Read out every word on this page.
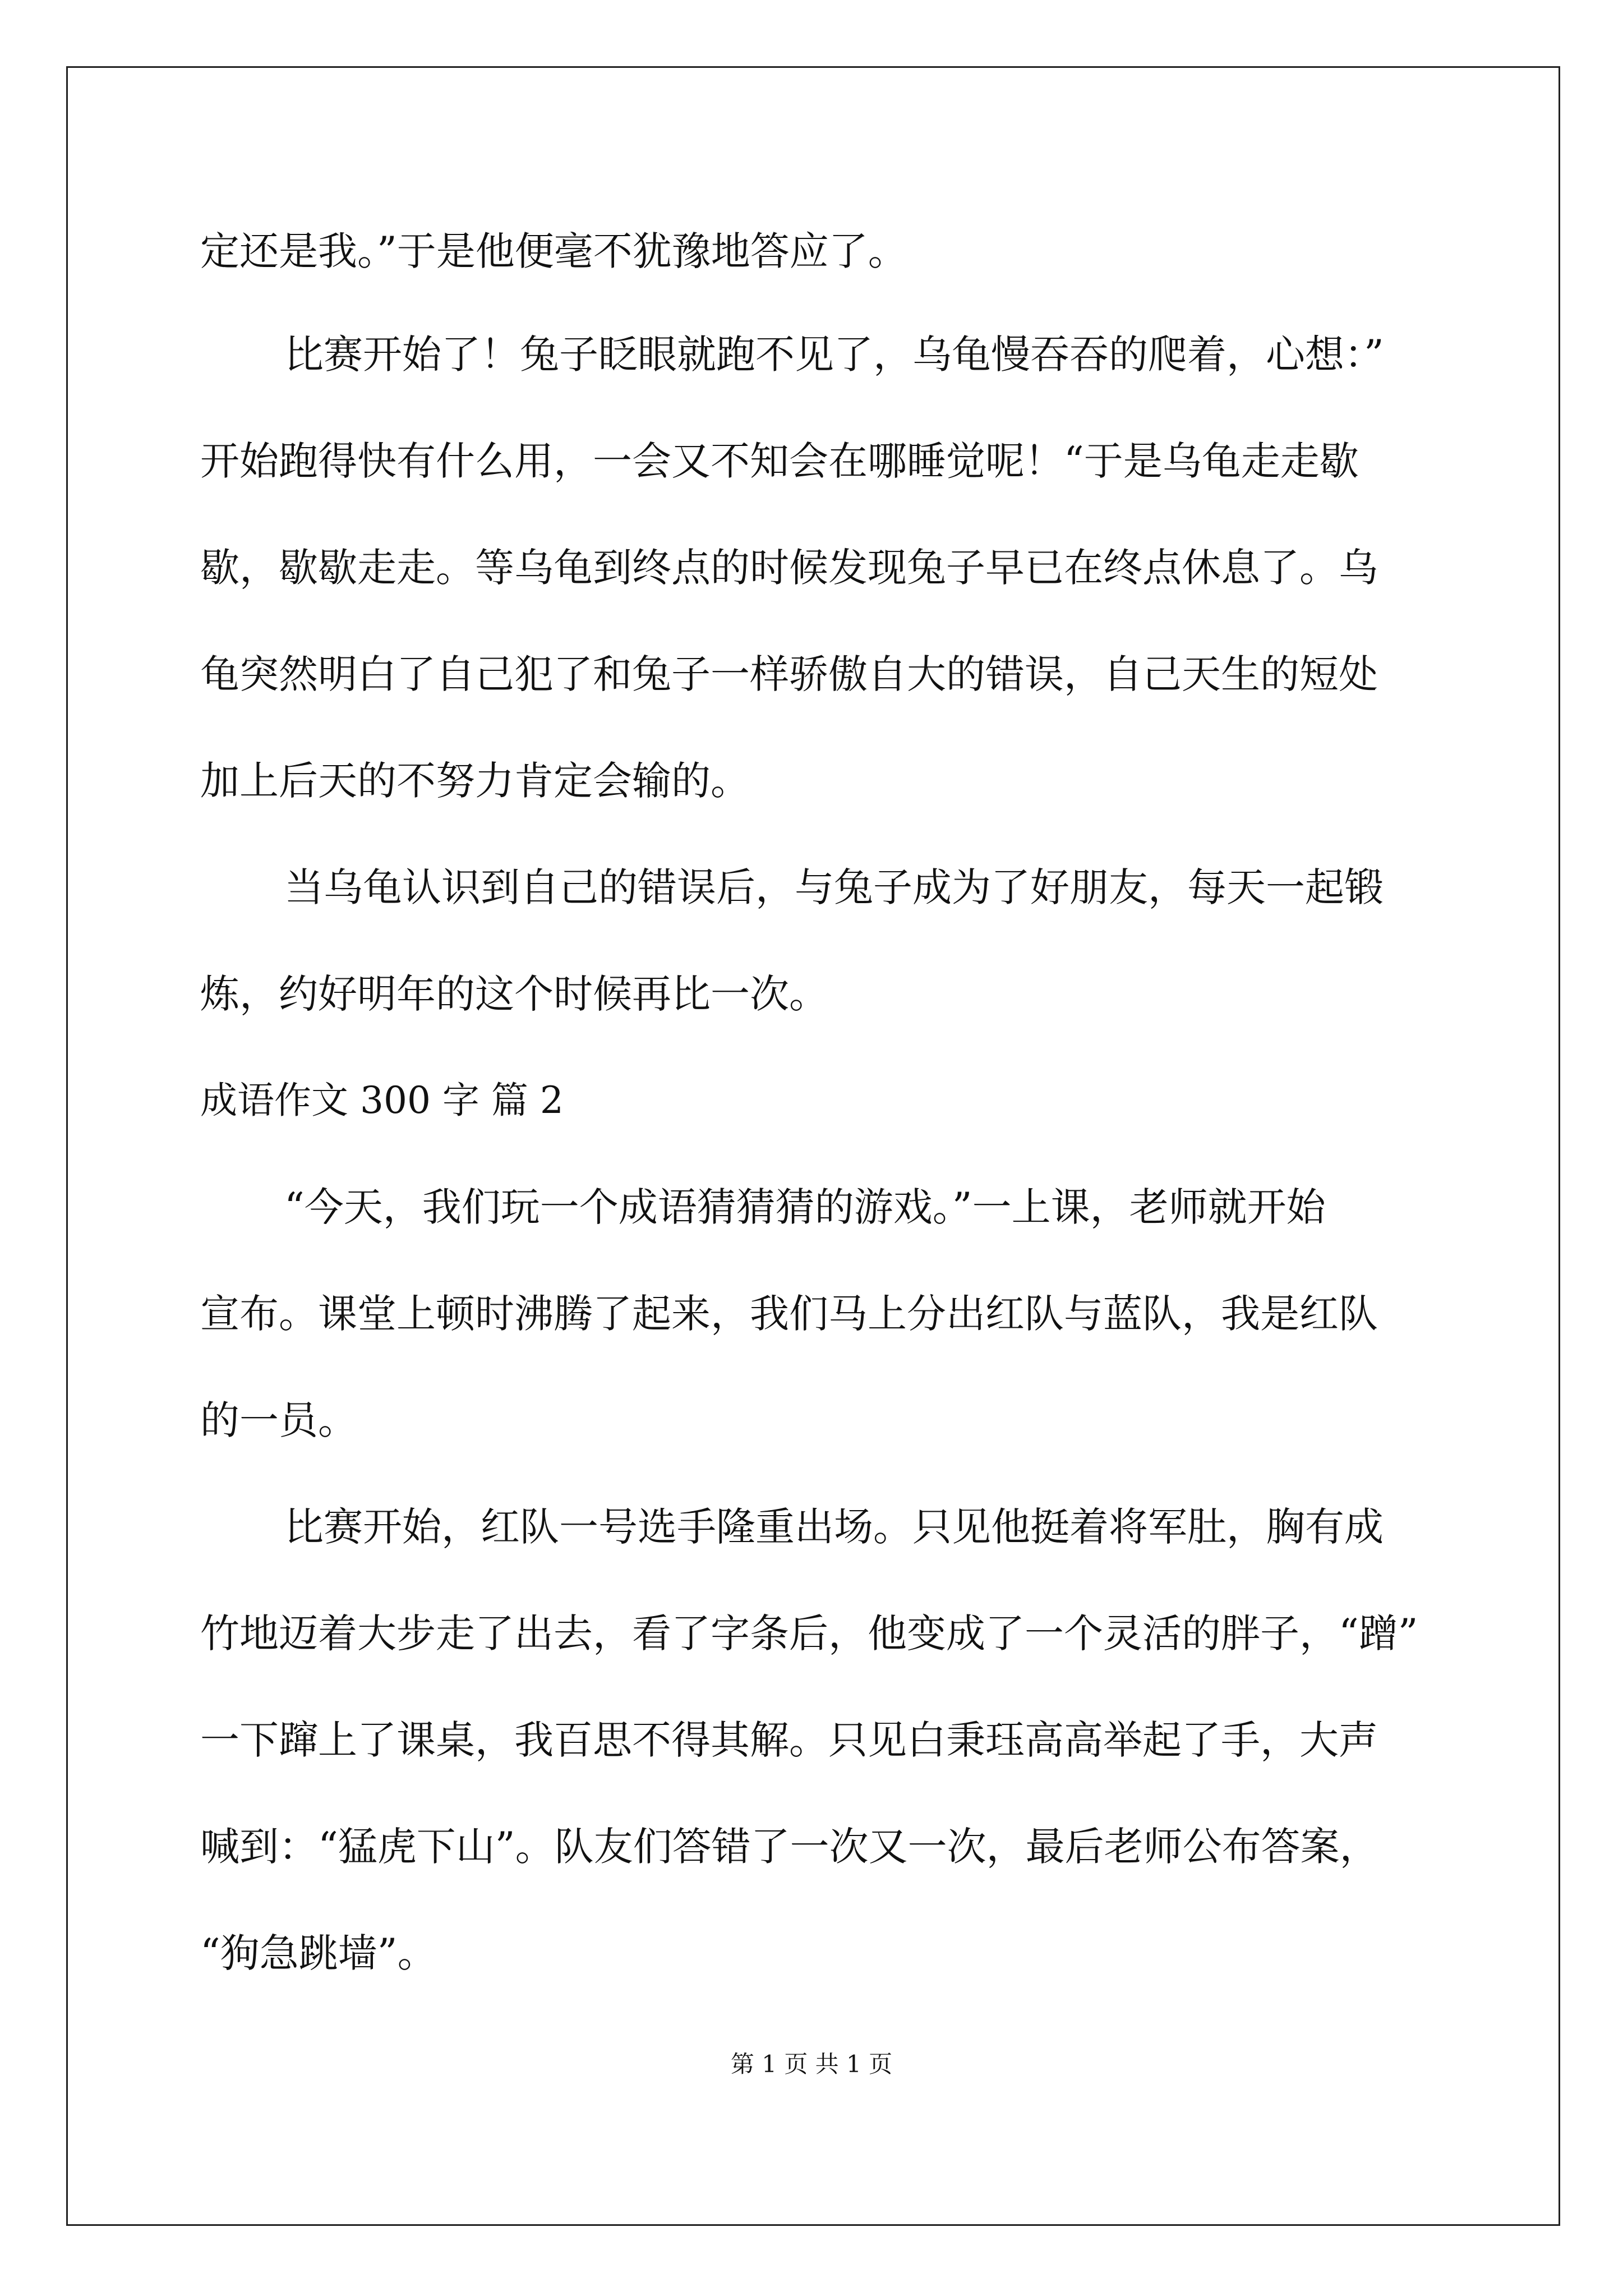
定还是我。”于是他便毫不犹豫地答应了。
比赛开始了！兔子眨眼就跑不见了，乌龟慢吞吞的爬着，心想：”
开始跑得快有什么用，一会又不知会在哪睡觉呢！“于是乌龟走走歇
歇，歇歇走走。等乌龟到终点的时候发现兔子早已在终点休息了。乌
龟突然明白了自己犯了和兔子一样骄傲自大的错误，自己天生的短处
加上后天的不努力肯定会输的。
当乌龟认识到自己的错误后，与兔子成为了好朋友，每天一起锻
炼，约好明年的这个时候再比一次。
成语作文 300 字 篇 2
“今天，我们玩一个成语猜猜猜的游戏。”一上课，老师就开始
宣布。课堂上顿时沸腾了起来，我们马上分出红队与蓝队，我是红队
的一员。
比赛开始，红队一号选手隆重出场。只见他挺着将军肚，胸有成
竹地迈着大步走了出去，看了字条后，他变成了一个灵活的胖子，“蹭”
一下蹿上了课桌，我百思不得其解。只见白秉珏高高举起了手，大声
喊到：“猛虎下山”。队友们答错了一次又一次，最后老师公布答案，
“狗急跳墙”。
第 1 页 共 1 页
